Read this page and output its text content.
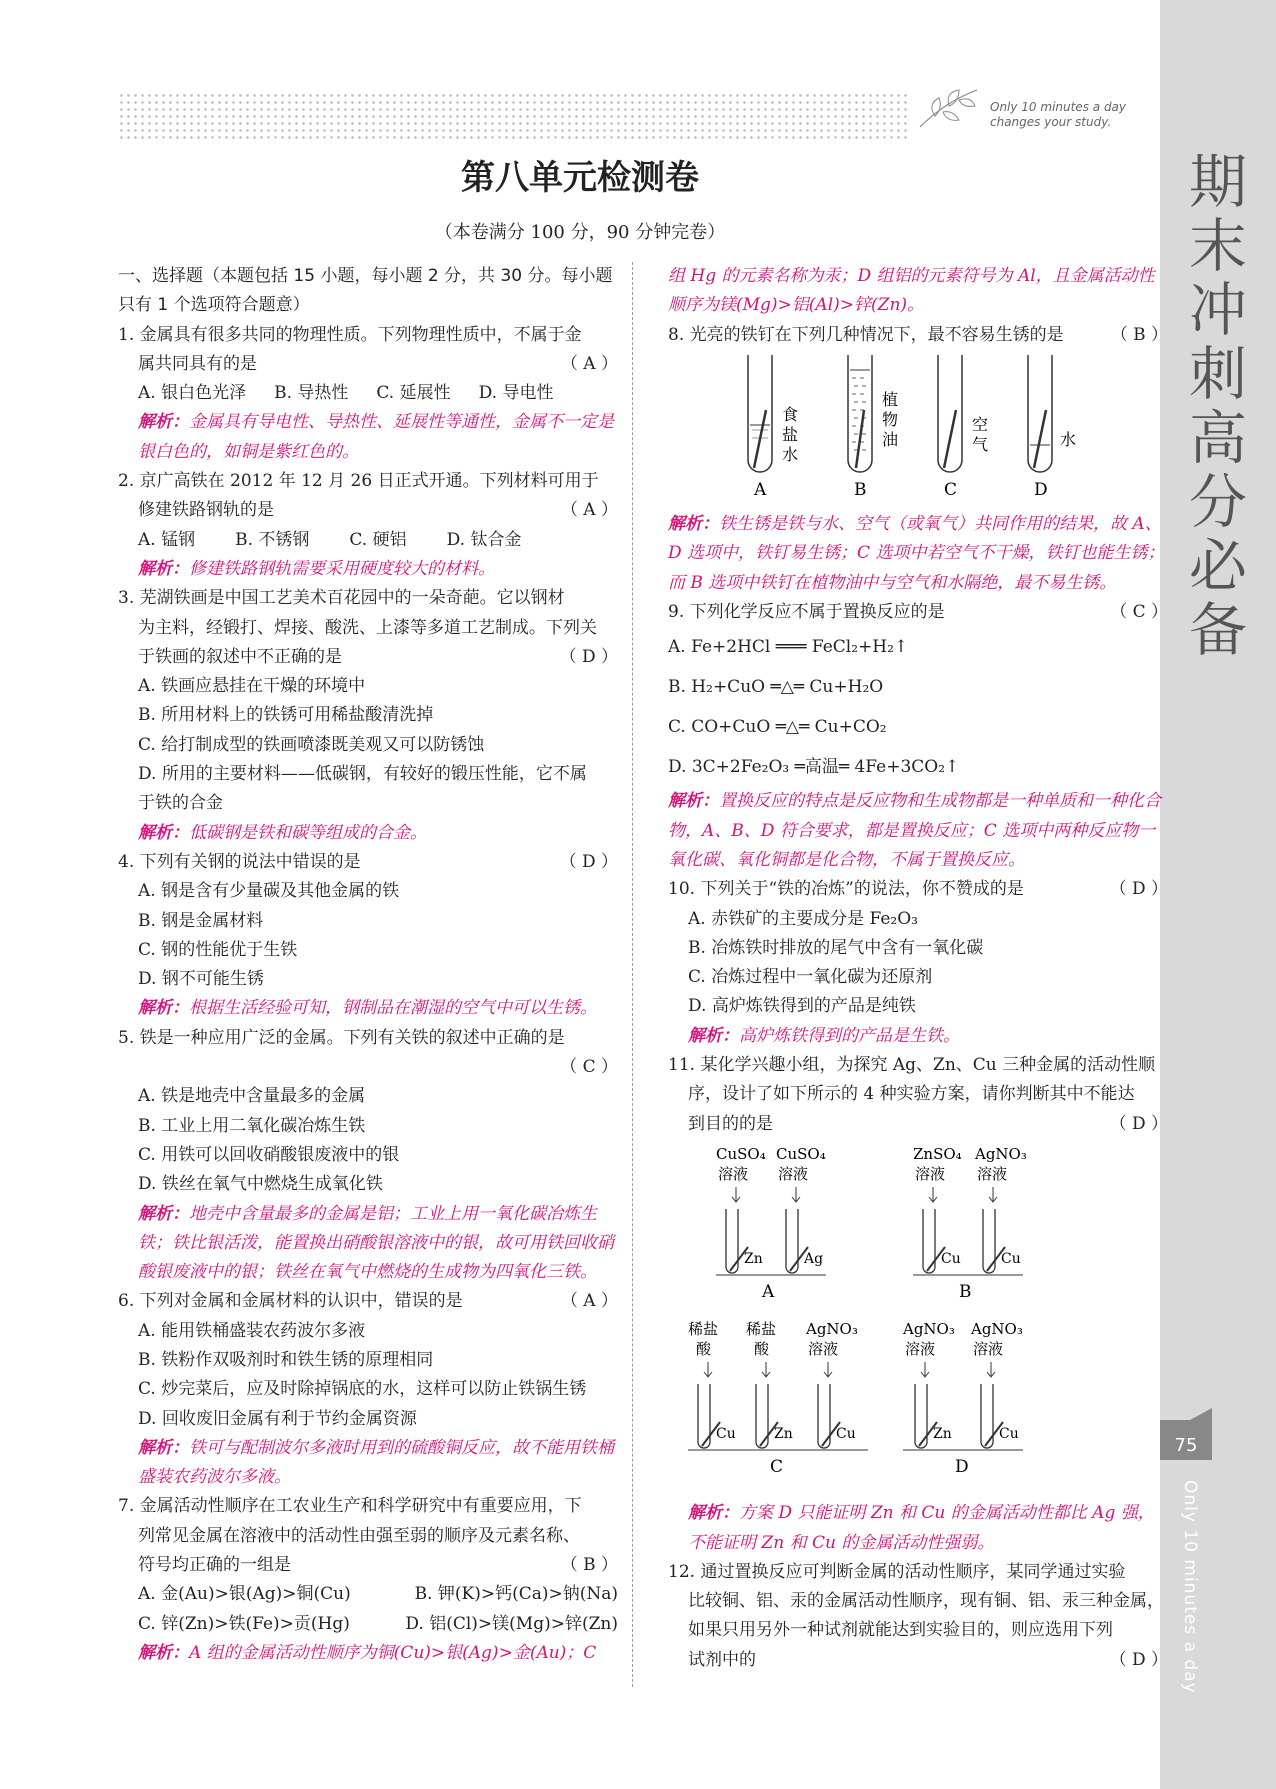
Only 10 minutes a day
changes your study.
期
末
冲
刺
高
分
必
备
75
Only 10 minutes a day
第八单元检测卷
（本卷满分 100 分，90 分钟完卷）

一、选择题（本题包括 15 小题，每小题 2 分，共 30 分。每小题只有 1 个选项符合题意）

1. 金属具有很多共同的物理性质。下列物理性质中，不属于金

属共同具有的是	（ A ）
A. 银白色光泽 B. 导热性 C. 延展性 D. 导电性

解析：金属具有导电性、导热性、延展性等通性，金属不一定是银白色的，如铜是紫红色的。

2. 京广高铁在 2012 年 12 月 26 日正式开通。下列材料可用于

修建铁路钢轨的是	（ A ）
A. 锰钢 B. 不锈钢 C. 硬铝 D. 钛合金

解析：修建铁路钢轨需要采用硬度较大的材料。

3. 芜湖铁画是中国工艺美术百花园中的一朵奇葩。它以钢材

为主料，经锻打、焊接、酸洗、上漆等多道工艺制成。下列关

于铁画的叙述中不正确的是	（ D ）

A. 铁画应悬挂在干燥的环境中

B. 所用材料上的铁锈可用稀盐酸清洗掉

C. 给打制成型的铁画喷漆既美观又可以防锈蚀

D. 所用的主要材料——低碳钢，有较好的锻压性能，它不属

于铁的合金

解析：低碳钢是铁和碳等组成的合金。

4. 下列有关钢的说法中错误的是	（ D ）

A. 钢是含有少量碳及其他金属的铁

B. 钢是金属材料

C. 钢的性能优于生铁

D. 钢不可能生锈

解析：根据生活经验可知，钢制品在潮湿的空气中可以生锈。

5. 铁是一种应用广泛的金属。下列有关铁的叙述中正确的是

（ C ）

A. 铁是地壳中含量最多的金属

B. 工业上用二氧化碳冶炼生铁

C. 用铁可以回收硝酸银废液中的银

D. 铁丝在氧气中燃烧生成氧化铁

解析：地壳中含量最多的金属是铝；工业上用一氧化碳冶炼生铁；铁比银活泼，能置换出硝酸银溶液中的银，故可用铁回收硝酸银废液中的银；铁丝在氧气中燃烧的生成物为四氧化三铁。

6. 下列对金属和金属材料的认识中，错误的是	（ A ）

A. 能用铁桶盛装农药波尔多液

B. 铁粉作双吸剂时和铁生锈的原理相同

C. 炒完菜后，应及时除掉锅底的水，这样可以防止铁锅生锈

D. 回收废旧金属有利于节约金属资源

解析：铁可与配制波尔多液时用到的硫酸铜反应，故不能用铁桶盛装农药波尔多液。

7. 金属活动性顺序在工农业生产和科学研究中有重要应用，下

列常见金属在溶液中的活动性由强至弱的顺序及元素名称、

符号均正确的一组是	（ B ）
A. 金(Au)>银(Ag)>铜(Cu)	B. 钾(K)>钙(Ca)>钠(Na)
C. 锌(Zn)>铁(Fe)>贡(Hg)	D. 铝(Cl)>镁(Mg)>锌(Zn)

解析：A 组的金属活动性顺序为铜(Cu)>银(Ag)>金(Au)；C

组 Hg 的元素名称为汞；D 组铝的元素符号为 Al，且金属活动性顺序为镁(Mg)>铝(Al)>锌(Zn)。

8. 光亮的铁钉在下列几种情况下，最不容易生锈的是	（ B ）
食
盐
水
A
植
物
油
B
空
气
C
水
D

解析：铁生锈是铁与水、空气（或氧气）共同作用的结果，故 A、D 选项中，铁钉易生锈；C 选项中若空气不干燥，铁钉也能生锈；而 B 选项中铁钉在植物油中与空气和水隔绝，最不易生锈。

9. 下列化学反应不属于置换反应的是	（ C ）

A. Fe+2HCl ═══ FeCl₂+H₂↑

B. H₂+CuO ═△═ Cu+H₂O

C. CO+CuO ═△═ Cu+CO₂

D. 3C+2Fe₂O₃ ═高温═ 4Fe+3CO₂↑

解析：置换反应的特点是反应物和生成物都是一种单质和一种化合物，A、B、D 符合要求，都是置换反应；C 选项中两种反应物一氧化碳、氧化铜都是化合物，不属于置换反应。

10. 下列关于“铁的冶炼”的说法，你不赞成的是	（ D ）

A. 赤铁矿的主要成分是 Fe₂O₃

B. 冶炼铁时排放的尾气中含有一氧化碳

C. 冶炼过程中一氧化碳为还原剂

D. 高炉炼铁得到的产品是纯铁

解析：高炉炼铁得到的产品是生铁。

11. 某化学兴趣小组，为探究 Ag、Zn、Cu 三种金属的活动性顺

序，设计了如下所示的 4 种实验方案，请你判断其中不能达

到目的的是	（ D ）
CuSO₄
溶液
CuSO₄
溶液
Zn	Ag
A
ZnSO₄
溶液
AgNO₃
溶液
Cu	Cu
B
稀盐
酸
稀盐
酸
AgNO₃
溶液
Cu	Zn	Cu
C
AgNO₃
溶液
AgNO₃
溶液
Zn	Cu
D

解析：方案 D 只能证明 Zn 和 Cu 的金属活动性都比 Ag 强，不能证明 Zn 和 Cu 的金属活动性强弱。

12. 通过置换反应可判断金属的活动性顺序，某同学通过实验

比较铜、铝、汞的金属活动性顺序，现有铜、铝、汞三种金属，

如果只用另外一种试剂就能达到实验目的，则应选用下列

试剂中的	（ D ）
